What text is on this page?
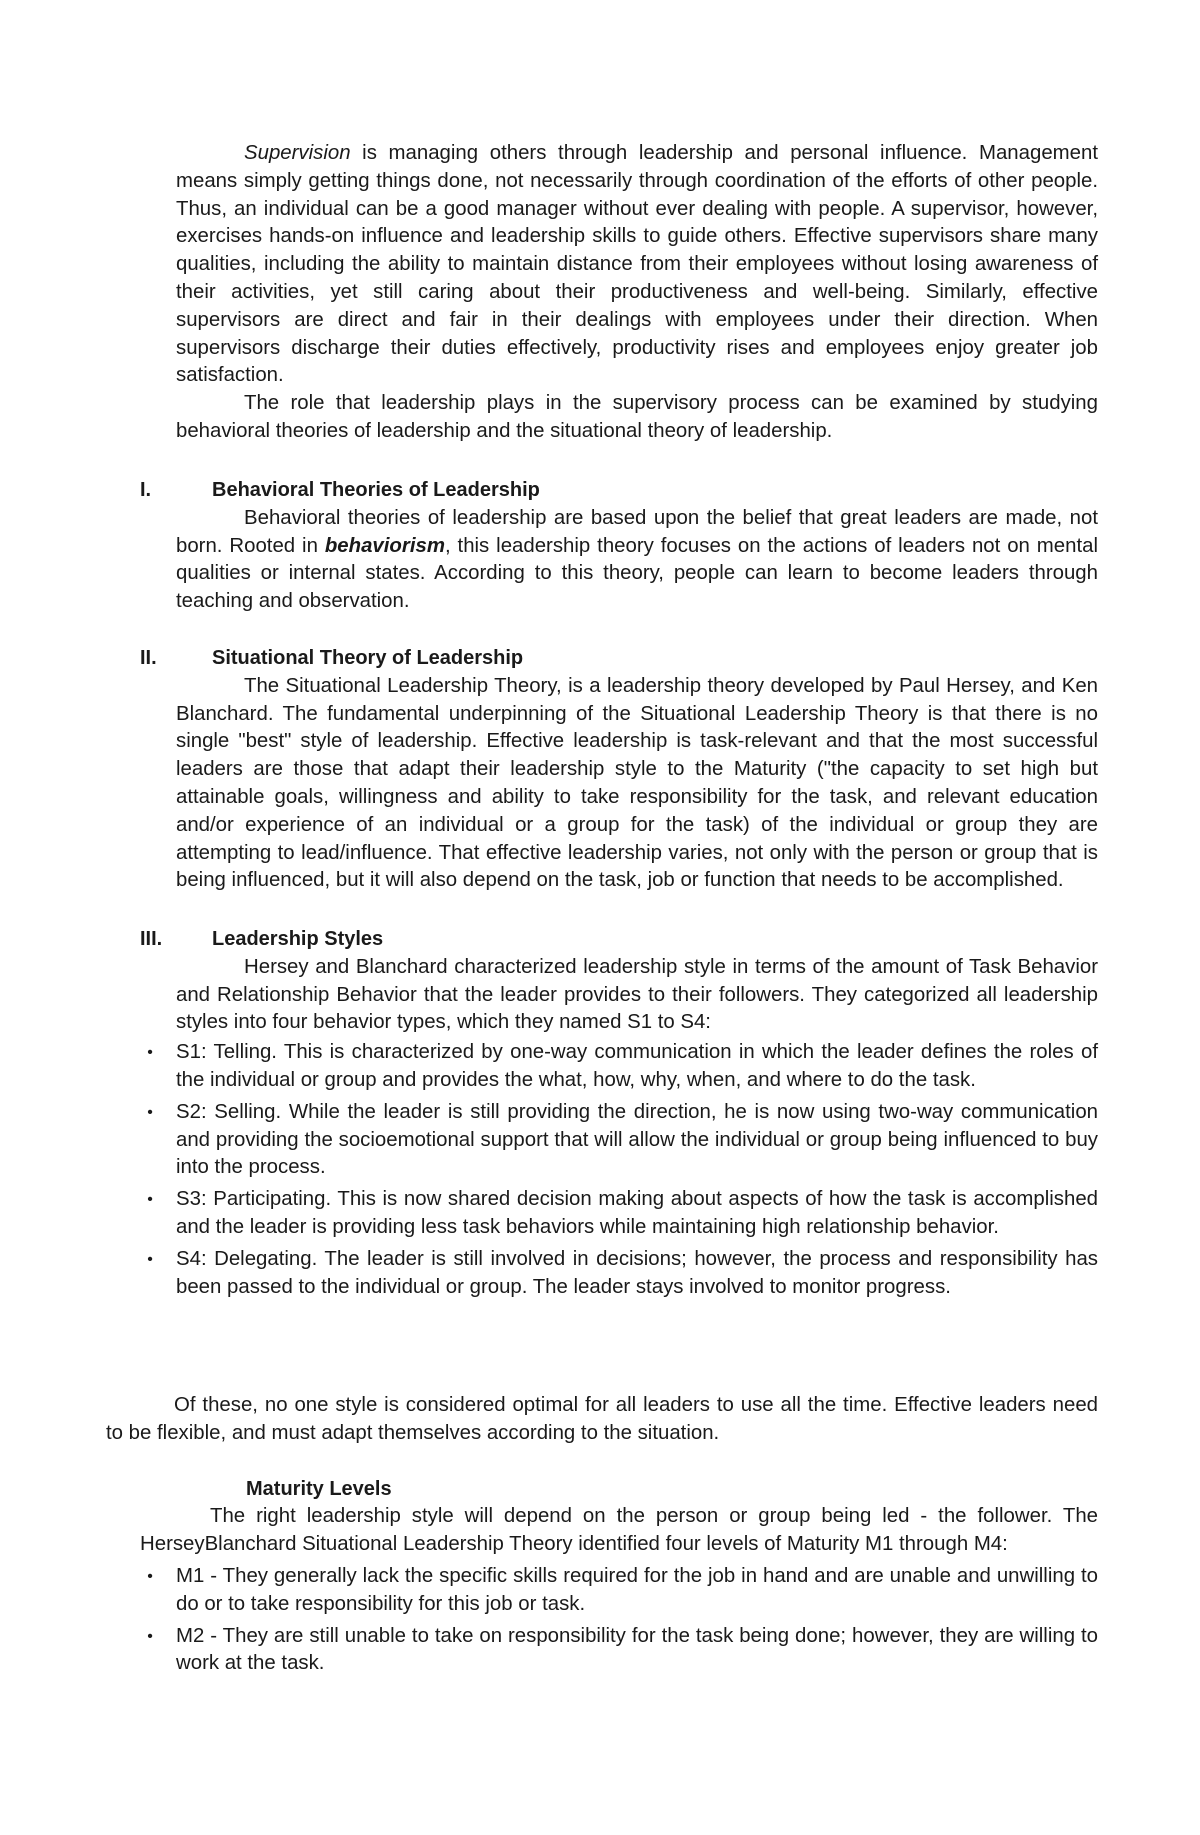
Supervision is managing others through leadership and personal influence. Management means simply getting things done, not necessarily through coordination of the efforts of other people. Thus, an individual can be a good manager without ever dealing with people. A supervisor, however, exercises hands-on influence and leadership skills to guide others. Effective supervisors share many qualities, including the ability to maintain distance from their employees without losing awareness of their activities, yet still caring about their productiveness and well-being. Similarly, effective supervisors are direct and fair in their dealings with employees under their direction. When supervisors discharge their duties effectively, productivity rises and employees enjoy greater job satisfaction.

The role that leadership plays in the supervisory process can be examined by studying behavioral theories of leadership and the situational theory of leadership.

I.	Behavioral Theories of Leadership

Behavioral theories of leadership are based upon the belief that great leaders are made, not born. Rooted in behaviorism, this leadership theory focuses on the actions of leaders not on mental qualities or internal states. According to this theory, people can learn to become leaders through teaching and observation.

II.	Situational Theory of Leadership

The Situational Leadership Theory, is a leadership theory developed by Paul Hersey, and Ken Blanchard. The fundamental underpinning of the Situational Leadership Theory is that there is no single "best" style of leadership. Effective leadership is task-relevant and that the most successful leaders are those that adapt their leadership style to the Maturity ("the capacity to set high but attainable goals, willingness and ability to take responsibility for the task, and relevant education and/or experience of an individual or a group for the task) of the individual or group they are attempting to lead/influence. That effective leadership varies, not only with the person or group that is being influenced, but it will also depend on the task, job or function that needs to be accomplished.

III.	Leadership Styles

Hersey and Blanchard characterized leadership style in terms of the amount of Task Behavior and Relationship Behavior that the leader provides to their followers. They categorized all leadership styles into four behavior types, which they named S1 to S4:

•	S1: Telling. This is characterized by one-way communication in which the leader defines the roles of the individual or group and provides the what, how, why, when, and where to do the task.
•	S2: Selling. While the leader is still providing the direction, he is now using two-way communication and providing the socioemotional support that will allow the individual or group being influenced to buy into the process.
•	S3: Participating. This is now shared decision making about aspects of how the task is accomplished and the leader is providing less task behaviors while maintaining high relationship behavior.
•	S4: Delegating. The leader is still involved in decisions; however, the process and responsibility has been passed to the individual or group. The leader stays involved to monitor progress.

Of these, no one style is considered optimal for all leaders to use all the time. Effective leaders need to be flexible, and must adapt themselves according to the situation.

Maturity Levels

The right leadership style will depend on the person or group being led - the follower. The HerseyBlanchard Situational Leadership Theory identified four levels of Maturity M1 through M4:

•	M1 - They generally lack the specific skills required for the job in hand and are unable and unwilling to do or to take responsibility for this job or task.
•	M2 - They are still unable to take on responsibility for the task being done; however, they are willing to work at the task.
